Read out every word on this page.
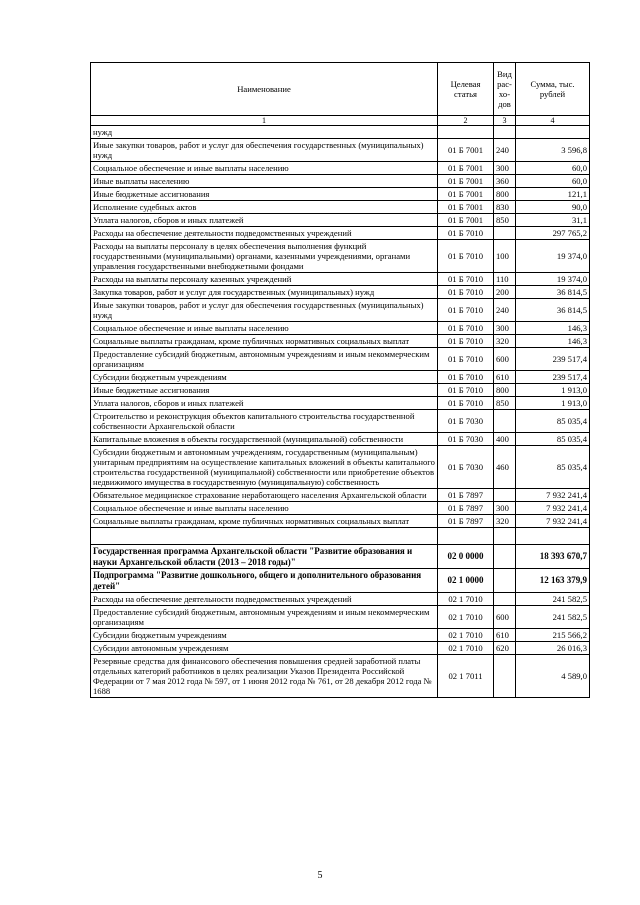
Наименование	Целевая статья	Вид рас-хо-дов	Сумма, тыс. рублей
1	2	3	4
нужд			
Иные закупки товаров, работ и услуг для обеспечения государственных (муниципальных) нужд	01 Б 7001	240	3 596,8
Социальное обеспечение и иные выплаты населению	01 Б 7001	300	60,0
Иные выплаты населению	01 Б 7001	360	60,0
Иные бюджетные ассигнования	01 Б 7001	800	121,1
Исполнение судебных актов	01 Б 7001	830	90,0
Уплата налогов, сборов и иных платежей	01 Б 7001	850	31,1
Расходы на обеспечение деятельности подведомственных учреждений	01 Б 7010		297 765,2
Расходы на выплаты персоналу в целях обеспечения выполнения функций государственными (муниципальными) органами, казенными учреждениями, органами управления государственными внебюджетными фондами	01 Б 7010	100	19 374,0
Расходы на выплаты персоналу казенных учреждений	01 Б 7010	110	19 374,0
Закупка товаров, работ и услуг для государственных (муниципальных) нужд	01 Б 7010	200	36 814,5
Иные закупки товаров, работ и услуг для обеспечения государственных (муниципальных) нужд	01 Б 7010	240	36 814,5
Социальное обеспечение и иные выплаты населению	01 Б 7010	300	146,3
Социальные выплаты гражданам, кроме публичных нормативных социальных выплат	01 Б 7010	320	146,3
Предоставление субсидий бюджетным, автономным учреждениям и иным некоммерческим организациям	01 Б 7010	600	239 517,4
Субсидии бюджетным учреждениям	01 Б 7010	610	239 517,4
Иные бюджетные ассигнования	01 Б 7010	800	1 913,0
Уплата налогов, сборов и иных платежей	01 Б 7010	850	1 913,0
Строительство и реконструкция объектов капитального строительства государственной собственности Архангельской области	01 Б 7030		85 035,4
Капитальные вложения в объекты государственной (муниципальной) собственности	01 Б 7030	400	85 035,4
Субсидии бюджетным и автономным учреждениям, государственным (муниципальным) унитарным предприятиям на осуществление капитальных вложений в объекты капитального строительства государственной (муниципальной) собственности или приобретение объектов недвижимого имущества в государственную (муниципальную) собственность	01 Б 7030	460	85 035,4
Обязательное медицинское страхование неработающего населения Архангельской области	01 Б 7897		7 932 241,4
Социальное обеспечение и иные выплаты населению	01 Б 7897	300	7 932 241,4
Социальные выплаты гражданам, кроме публичных нормативных социальных выплат	01 Б 7897	320	7 932 241,4

Государственная программа Архангельской области "Развитие образования и науки Архангельской области (2013 – 2018 годы)"	02 0 0000		18 393 670,7
Подпрограмма "Развитие дошкольного, общего и дополнительного образования детей"	02 1 0000		12 163 379,9
Расходы на обеспечение деятельности подведомственных учреждений	02 1 7010		241 582,5
Предоставление субсидий бюджетным, автономным учреждениям и иным некоммерческим организациям	02 1 7010	600	241 582,5
Субсидии бюджетным учреждениям	02 1 7010	610	215 566,2
Субсидии автономным учреждениям	02 1 7010	620	26 016,3
Резервные средства для финансового обеспечения повышения средней заработной платы отдельных категорий работников в целях реализации Указов Президента Российской Федерации от 7 мая 2012 года № 597, от 1 июня 2012 года № 761, от 28 декабря 2012 года № 1688	02 1 7011		4 589,0
5
